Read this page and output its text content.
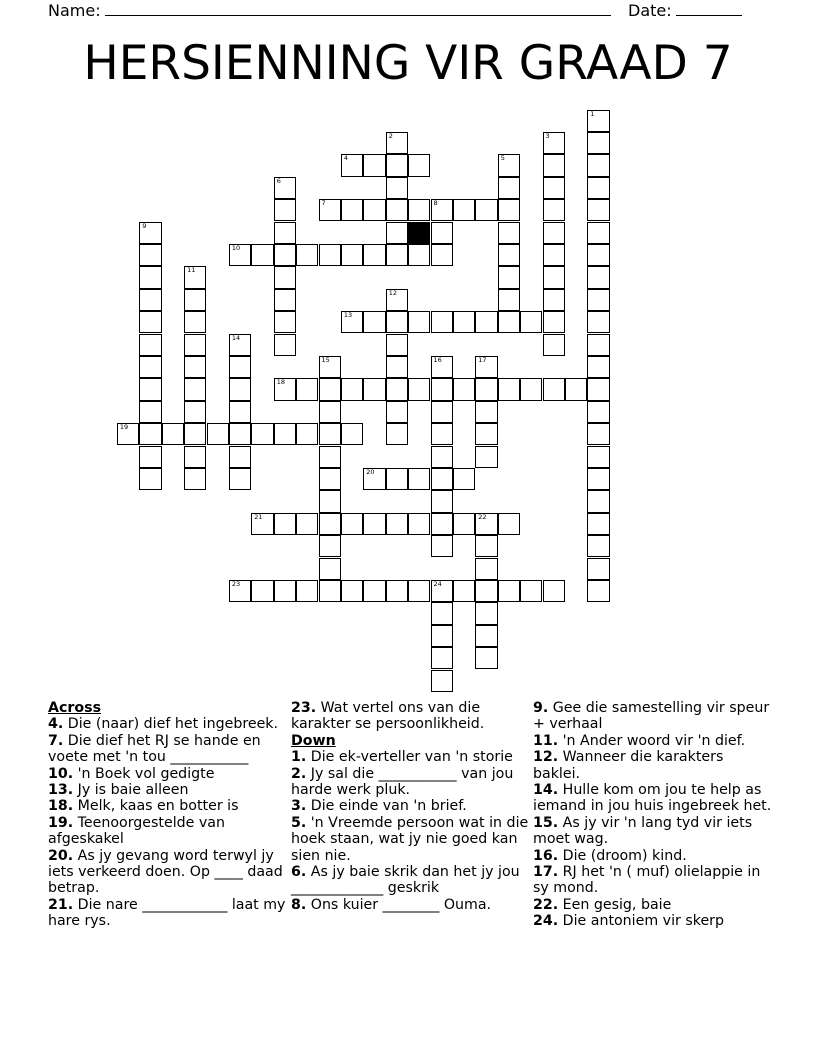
Name:	Date:
HERSIENNING VIR GRAAD 7
1
2	3
4	5
6
7	8
9
10
11
12
13
14
15	16	17
18
19
20
21	22
23	24
Across
4. Die (naar) dief het ingebreek.
7. Die dief het RJ se hande en voete met 'n tou ___________
10. 'n Boek vol gedigte
13. Jy is baie alleen
18. Melk, kaas en botter is
19. Teenoorgestelde van afgeskakel
20. As jy gevang word terwyl jy iets verkeerd doen. Op ____ daad betrap.
21. Die nare ____________ laat my hare rys.
23. Wat vertel ons van die karakter se persoonlikheid.
Down
1. Die ek-verteller van 'n storie
2. Jy sal die ___________ van jou harde werk pluk.
3. Die einde van 'n brief.
5. 'n Vreemde persoon wat in die hoek staan, wat jy nie goed kan sien nie.
6. As jy baie skrik dan het jy jou _____________ geskrik
8. Ons kuier ________ Ouma.
9. Gee die samestelling vir speur + verhaal
11. 'n Ander woord vir 'n dief.
12. Wanneer die karakters baklei.
14. Hulle kom om jou te help as iemand in jou huis ingebreek het.
15. As jy vir 'n lang tyd vir iets moet wag.
16. Die (droom) kind.
17. RJ het 'n ( muf) olielappie in sy mond.
22. Een gesig, baie
24. Die antoniem vir skerp
